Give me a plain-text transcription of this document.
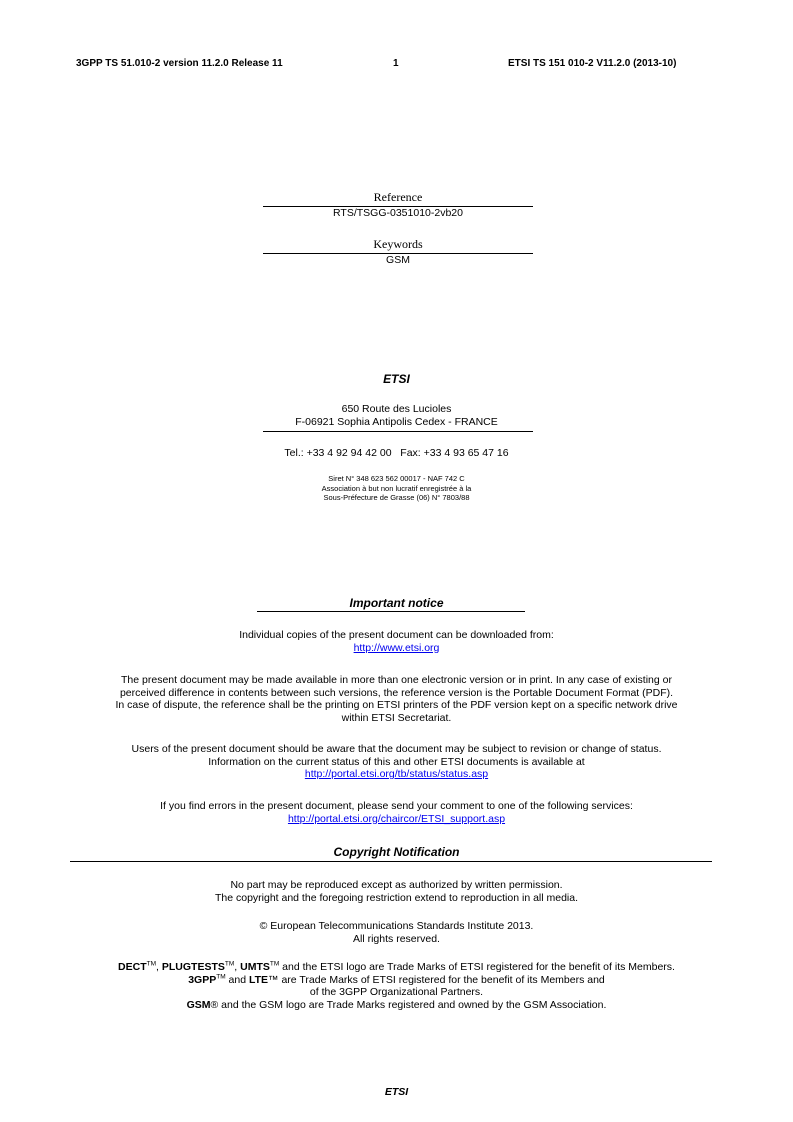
3GPP TS 51.010-2 version 11.2.0 Release 11	1	ETSI TS 151 010-2 V11.2.0 (2013-10)
Reference
RTS/TSGG-0351010-2vb20
Keywords
GSM
ETSI
650 Route des Lucioles
F-06921 Sophia Antipolis Cedex - FRANCE
Tel.: +33 4 92 94 42 00   Fax: +33 4 93 65 47 16
Siret N° 348 623 562 00017 - NAF 742 C
Association à but non lucratif enregistrée à la
Sous-Préfecture de Grasse (06) N° 7803/88
Important notice
Individual copies of the present document can be downloaded from:
http://www.etsi.org
The present document may be made available in more than one electronic version or in print. In any case of existing or
perceived difference in contents between such versions, the reference version is the Portable Document Format (PDF).
In case of dispute, the reference shall be the printing on ETSI printers of the PDF version kept on a specific network drive
within ETSI Secretariat.
Users of the present document should be aware that the document may be subject to revision or change of status.
Information on the current status of this and other ETSI documents is available at
http://portal.etsi.org/tb/status/status.asp
If you find errors in the present document, please send your comment to one of the following services:
http://portal.etsi.org/chaircor/ETSI_support.asp
Copyright Notification
No part may be reproduced except as authorized by written permission.
The copyright and the foregoing restriction extend to reproduction in all media.
© European Telecommunications Standards Institute 2013.
All rights reserved.
DECT™, PLUGTESTS™, UMTS™ and the ETSI logo are Trade Marks of ETSI registered for the benefit of its Members.
3GPP™ and LTE™ are Trade Marks of ETSI registered for the benefit of its Members and
of the 3GPP Organizational Partners.
GSM® and the GSM logo are Trade Marks registered and owned by the GSM Association.
ETSI
